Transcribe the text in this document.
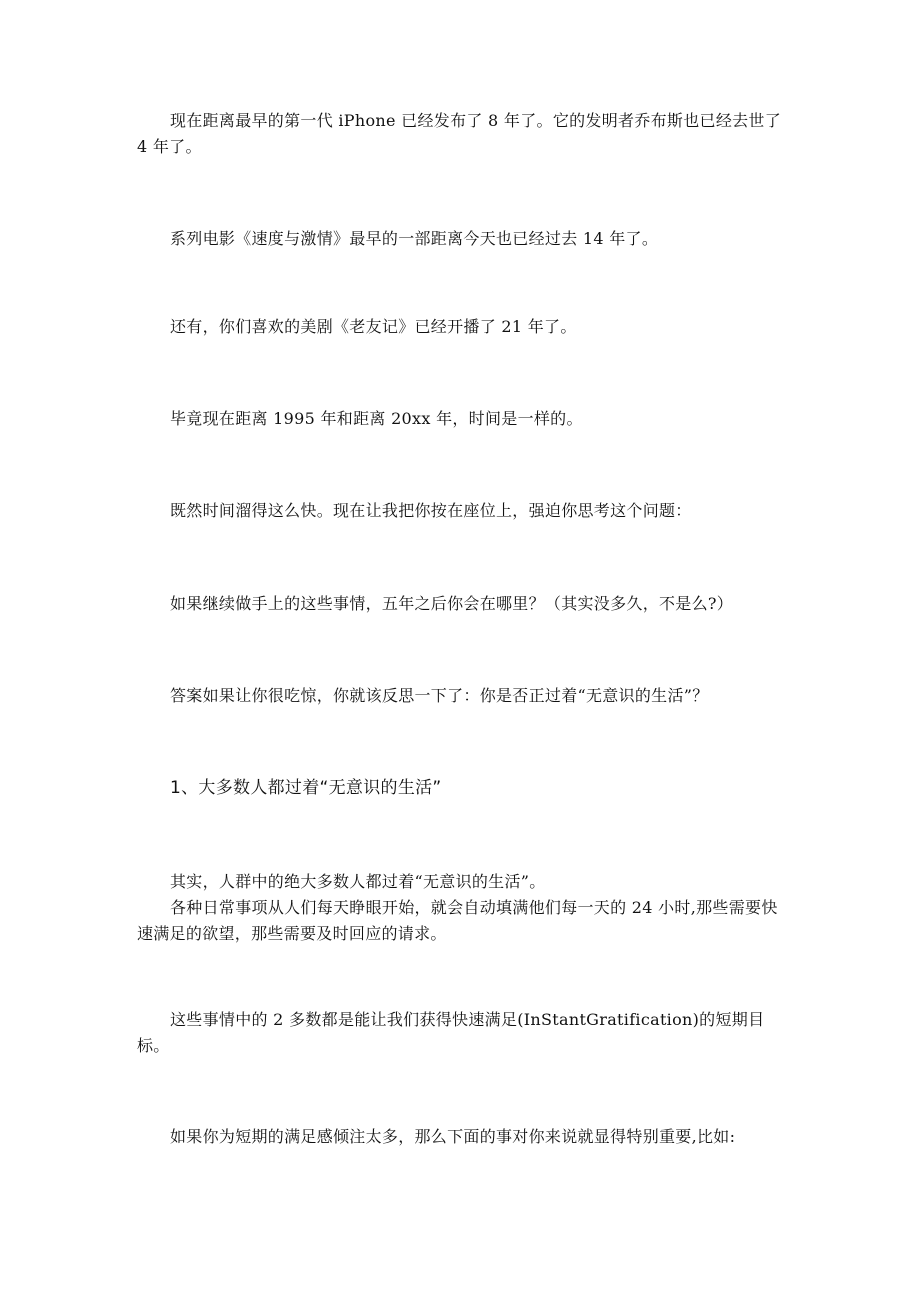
现在距离最早的第一代 iPhone 已经发布了 8 年了。它的发明者乔布斯也已经去世了 4 年了。

系列电影《速度与激情》最早的一部距离今天也已经过去 14 年了。

还有，你们喜欢的美剧《老友记》已经开播了 21 年了。

毕竟现在距离 1995 年和距离 20xx 年，时间是一样的。

既然时间溜得这么快。现在让我把你按在座位上，强迫你思考这个问题：

如果继续做手上的这些事情，五年之后你会在哪里？（其实没多久，不是么?）

答案如果让你很吃惊，你就该反思一下了：你是否正过着“无意识的生活”？

1、大多数人都过着“无意识的生活”
其实，人群中的绝大多数人都过着“无意识的生活”。
各种日常事项从人们每天睁眼开始，就会自动填满他们每一天的 24 小时,那些需要快速满足的欲望，那些需要及时回应的请求。

这些事情中的 2 多数都是能让我们获得快速满足(InStantGratification)的短期目标。

如果你为短期的满足感倾注太多，那么下面的事对你来说就显得特别重要,比如:
